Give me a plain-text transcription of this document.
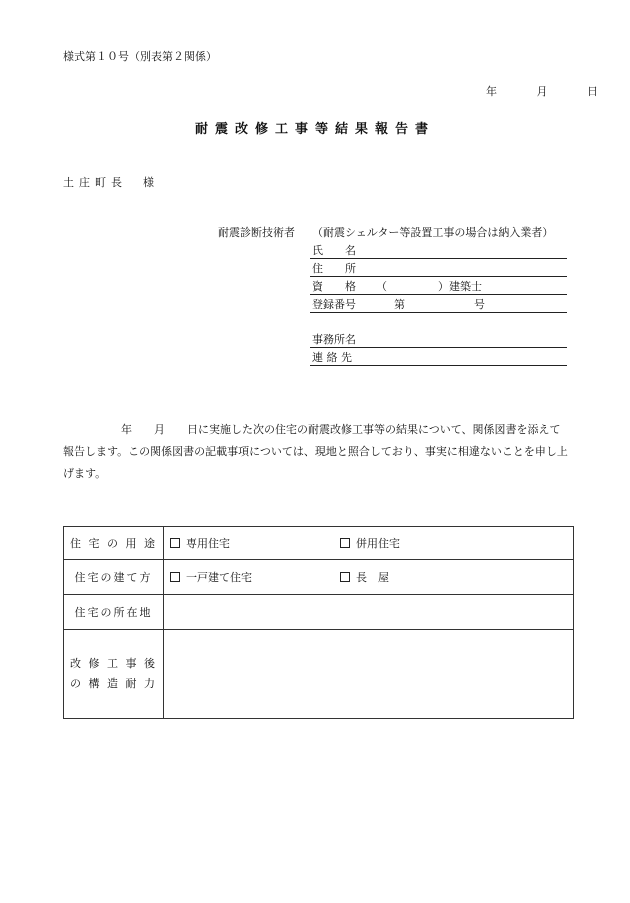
様式第１０号（別表第２関係）
年	月	日
耐震改修工事等結果報告書
土庄町長　様
耐震診断技術者 （耐震シェルター等設置工事の場合は納入業者）
氏　　名
住　　所
資　　格 （	）建築士
登録番号	第	号
事務所名
連 絡 先
年 月 日に実施した次の住宅の耐震改修工事等の結果について、関係図書を添えて報告します。この関係図書の記載事項については、現地と照合しており、事実に相違ないことを申し上げます。
住 宅 の 用 途	専用住宅 併用住宅
住宅の建て方	一戸建て住宅 長　屋
住宅の所在地	

改 修 工 事 後
の 構 造 耐 力	
